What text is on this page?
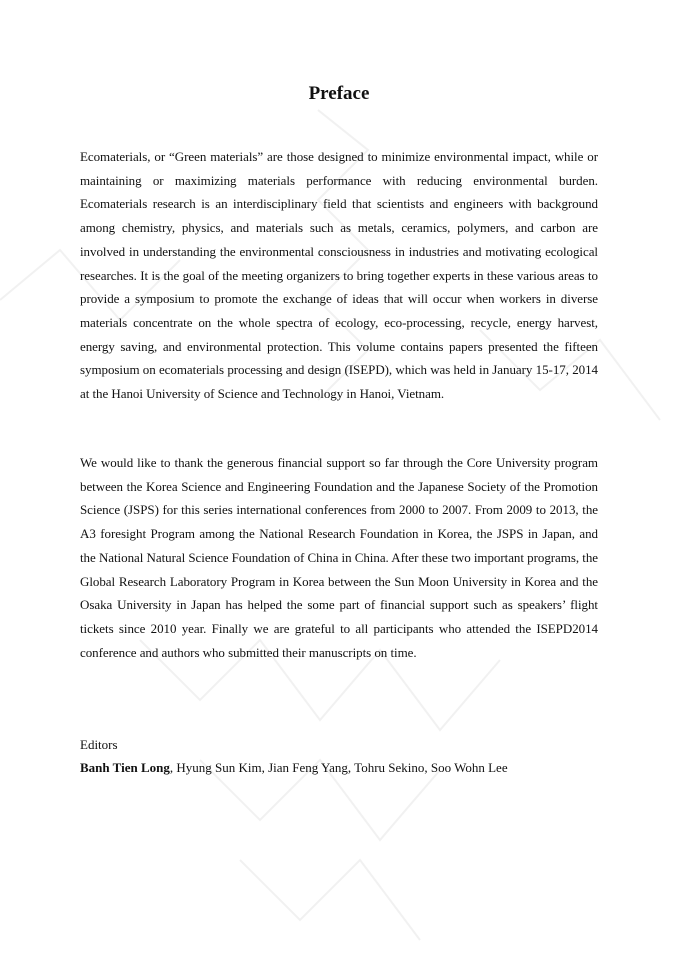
Preface

Ecomaterials, or “Green materials” are those designed to minimize environmental impact, while or maintaining or maximizing materials performance with reducing environmental burden. Ecomaterials research is an interdisciplinary field that scientists and engineers with background among chemistry, physics, and materials such as metals, ceramics, polymers, and carbon are involved in understanding the environmental consciousness in industries and motivating ecological researches. It is the goal of the meeting organizers to bring together experts in these various areas to provide a symposium to promote the exchange of ideas that will occur when workers in diverse materials concentrate on the whole spectra of ecology, eco-processing, recycle, energy harvest, energy saving, and environmental protection. This volume contains papers presented the fifteen symposium on ecomaterials processing and design (ISEPD), which was held in January 15-17, 2014 at the Hanoi University of Science and Technology in Hanoi, Vietnam.

We would like to thank the generous financial support so far through the Core University program between the Korea Science and Engineering Foundation and the Japanese Society of the Promotion Science (JSPS) for this series international conferences from 2000 to 2007. From 2009 to 2013, the A3 foresight Program among the National Research Foundation in Korea, the JSPS in Japan, and the National Natural Science Foundation of China in China. After these two important programs, the Global Research Laboratory Program in Korea between the Sun Moon University in Korea and the Osaka University in Japan has helped the some part of financial support such as speakers’ flight tickets since 2010 year. Finally we are grateful to all participants who attended the ISEPD2014 conference and authors who submitted their manuscripts on time.

Editors

Banh Tien Long, Hyung Sun Kim, Jian Feng Yang, Tohru Sekino, Soo Wohn Lee
